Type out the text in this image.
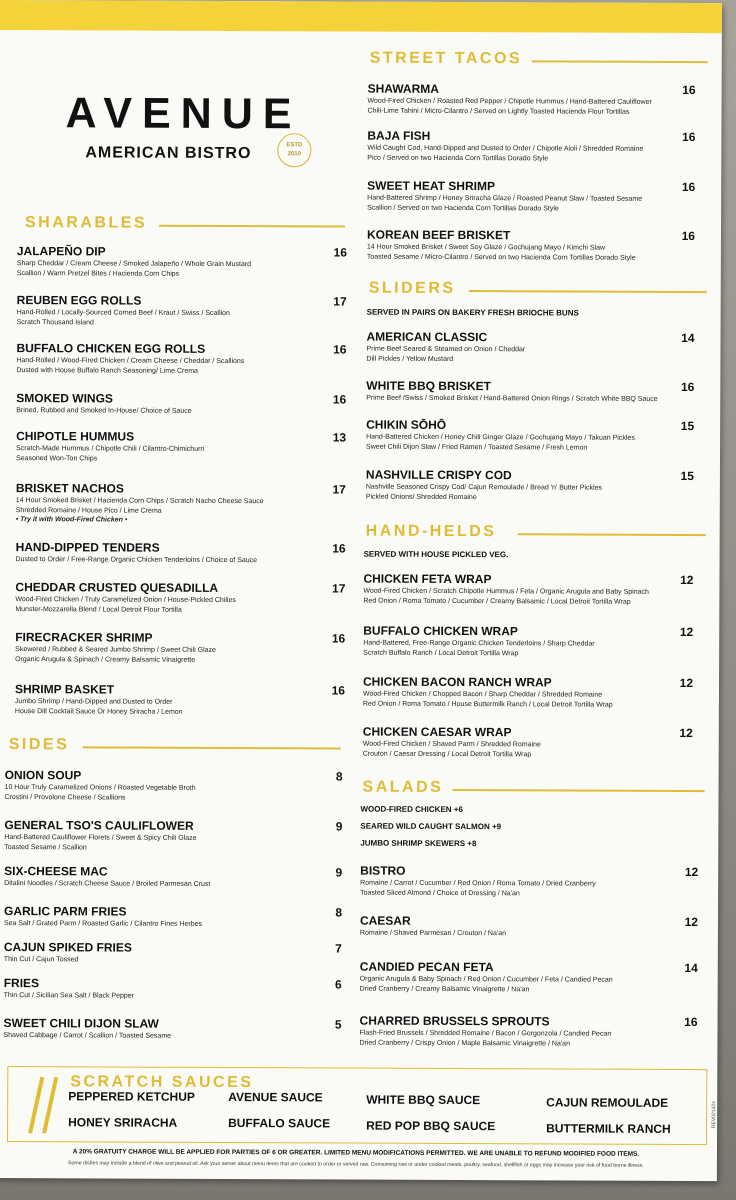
AVENUE
AMERICAN BISTRO	ESTD
2010
SHARABLES
JALAPEÑO DIP	16
Sharp Cheddar / Cream Cheese / Smoked Jalapeño / Whole Grain Mustard
Scallion / Warm Pretzel Bites / Hacienda Corn Chips
REUBEN EGG ROLLS	17
Hand-Rolled / Locally-Sourced Corned Beef / Kraut / Swiss / Scallion
Scratch Thousand Island
BUFFALO CHICKEN EGG ROLLS	16
Hand-Rolled / Wood-Fired Chicken / Cream Cheese / Cheddar / Scallions
Dusted with House Buffalo Ranch Seasoning/ Lime Crema
SMOKED WINGS	16
Brined, Rubbed and Smoked In-House/ Choice of Sauce
CHIPOTLE HUMMUS	13
Scratch-Made Hummus / Chipotle Chili / Cilantro-Chimichurri
Seasoned Won-Ton Chips
BRISKET NACHOS	17
14 Hour Smoked Brisket / Hacienda Corn Chips / Scratch Nacho Cheese Sauce
Shredded Romaine / House Pico / Lime Crema
• Try it with Wood-Fired Chicken •
HAND-DIPPED TENDERS	16
Dusted to Order / Free-Range Organic Chicken Tenderloins / Choice of Sauce
CHEDDAR CRUSTED QUESADILLA	17
Wood-Fired Chicken / Truly Caramelized Onion / House-Pickled Chilies
Munster-Mozzarella Blend / Local Detroit Flour Tortilla
FIRECRACKER SHRIMP	16
Skewered / Rubbed & Seared Jumbo Shrimp / Sweet Chili Glaze
Organic Arugula & Spinach / Creamy Balsamic Vinaigrette
SHRIMP BASKET	16
Jumbo Shrimp / Hand-Dipped and Dusted to Order
House Dill Cocktail Sauce Or Honey Sriracha / Lemon
SIDES
ONION SOUP	8
10 Hour Truly Caramelized Onions / Roasted Vegetable Broth
Crostini / Provolone Cheese / Scallions
GENERAL TSO'S CAULIFLOWER	9
Hand-Battered Cauliflower Florets / Sweet & Spicy Chili Glaze
Toasted Sesame / Scallion
SIX-CHEESE MAC	9
Ditalini Noodles / Scratch Cheese Sauce / Broiled Parmesan Crust
GARLIC PARM FRIES	8
Sea Salt / Grated Parm / Roasted Garlic / Cilantro Fines Herbes
CAJUN SPIKED FRIES	7
Thin Cut / Cajun Tossed
FRIES	6
Thin Cut / Sicilian Sea Salt / Black Pepper
SWEET CHILI DIJON SLAW	5
Shaved Cabbage / Carrot / Scallion / Toasted Sesame
STREET TACOS
SHAWARMA	16
Wood-Fired Chicken / Roasted Red Pepper / Chipotle Hummus / Hand-Battered Cauliflower
Chili-Lime Tahini / Micro-Cilantro / Served on Lightly Toasted Hacienda Flour Tortillas
BAJA FISH	16
Wild Caught Cod, Hand-Dipped and Dusted to Order / Chipotle Aioli / Shredded Romaine
Pico / Served on two Hacienda Corn Tortillas Dorado Style
SWEET HEAT SHRIMP	16
Hand-Battered Shrimp / Honey Sriracha Glaze / Roasted Peanut Slaw / Toasted Sesame
Scallion / Served on two Hacienda Corn Tortillas Dorado Style
KOREAN BEEF BRISKET	16
14 Hour Smoked Brisket / Sweet Soy Glaze / Gochujang Mayo / Kimchi Slaw
Toasted Sesame / Micro-Cilantro / Served on two Hacienda Corn Tortillas Dorado Style
SLIDERS
SERVED IN PAIRS ON BAKERY FRESH BRIOCHE BUNS
AMERICAN CLASSIC	14
Prime Beef Seared & Steamed on Onion / Cheddar
Dill Pickles / Yellow Mustard
WHITE BBQ BRISKET	16
Prime Beef /Swiss / Smoked Brisket / Hand-Battered Onion Rings / Scratch White BBQ Sauce
CHIKIN SŌHŌ	15
Hand-Battered Chicken / Honey Chili Ginger Glaze / Gochujang Mayo / Takuan Pickles
Sweet Chili Dijon Slaw / Fried Ramen / Toasted Sesame / Fresh Lemon
NASHVILLE CRISPY COD	15
Nashville Seasoned Crispy Cod/ Cajun Remoulade / Bread 'n' Butter Pickles
Pickled Onions/ Shredded Romaine
HAND-HELDS
SERVED WITH HOUSE PICKLED VEG.
CHICKEN FETA WRAP	12
Wood-Fired Chicken / Scratch Chipotle Hummus / Feta / Organic Arugula and Baby Spinach
Red Onion / Roma Tomato / Cucumber / Creamy Balsamic / Local Detroit Tortilla Wrap
BUFFALO CHICKEN WRAP	12
Hand-Battered, Free-Range Organic Chicken Tenderloins / Sharp Cheddar
Scratch Buffalo Ranch / Local Detroit Tortilla Wrap
CHICKEN BACON RANCH WRAP	12
Wood-Fired Chicken / Chopped Bacon / Sharp Cheddar / Shredded Romaine
Red Onion / Roma Tomato / House Buttermilk Ranch / Local Detroit Tortilla Wrap
CHICKEN CAESAR WRAP	12
Wood-Fired Chicken / Shaved Parm / Shredded Romaine
Crouton / Caesar Dressing / Local Detroit Tortilla Wrap
SALADS
WOOD-FIRED CHICKEN +6
SEARED WILD CAUGHT SALMON +9
JUMBO SHRIMP SKEWERS +8
BISTRO	12
Romaine / Carrot / Cucumber / Red Onion / Roma Tomato / Dried Cranberry
Toasted Sliced Almond / Choice of Dressing / Na'an
CAESAR	12
Romaine / Shaved Parmesan / Crouton / Na'an
CANDIED PECAN FETA	14
Organic Arugula & Baby Spinach / Red Onion / Cucumber / Feta / Candied Pecan
Dried Cranberry / Creamy Balsamic Vinaigrette / Na'an
CHARRED BRUSSELS SPROUTS	16
Flash-Fried Brussels / Shredded Romaine / Bacon / Gorgonzola / Candied Pecan
Dried Cranberry / Crispy Onion / Maple Balsamic Vinaigrette / Na'an
SCRATCH SAUCES
PEPPERED KETCHUP	AVENUE SAUCE	WHITE BBQ SAUCE	CAJUN REMOULADE
HONEY SRIRACHA	BUFFALO SAUCE	RED POP BBQ SAUCE	BUTTERMILK RANCH
A 20% GRATUITY CHARGE WILL BE APPLIED FOR PARTIES OF 6 OR GREATER. LIMITED MENU MODIFICATIONS PERMITTED. WE ARE UNABLE TO REFUND MODIFIED FOOD ITEMS.
Some dishes may include a blend of olive and peanut oil. Ask your server about menu items that are cooked to order or served raw. Consuming raw or under cooked meats, poultry, seafood, shellfish or eggs may increase your risk of food borne illness.
REV021424
